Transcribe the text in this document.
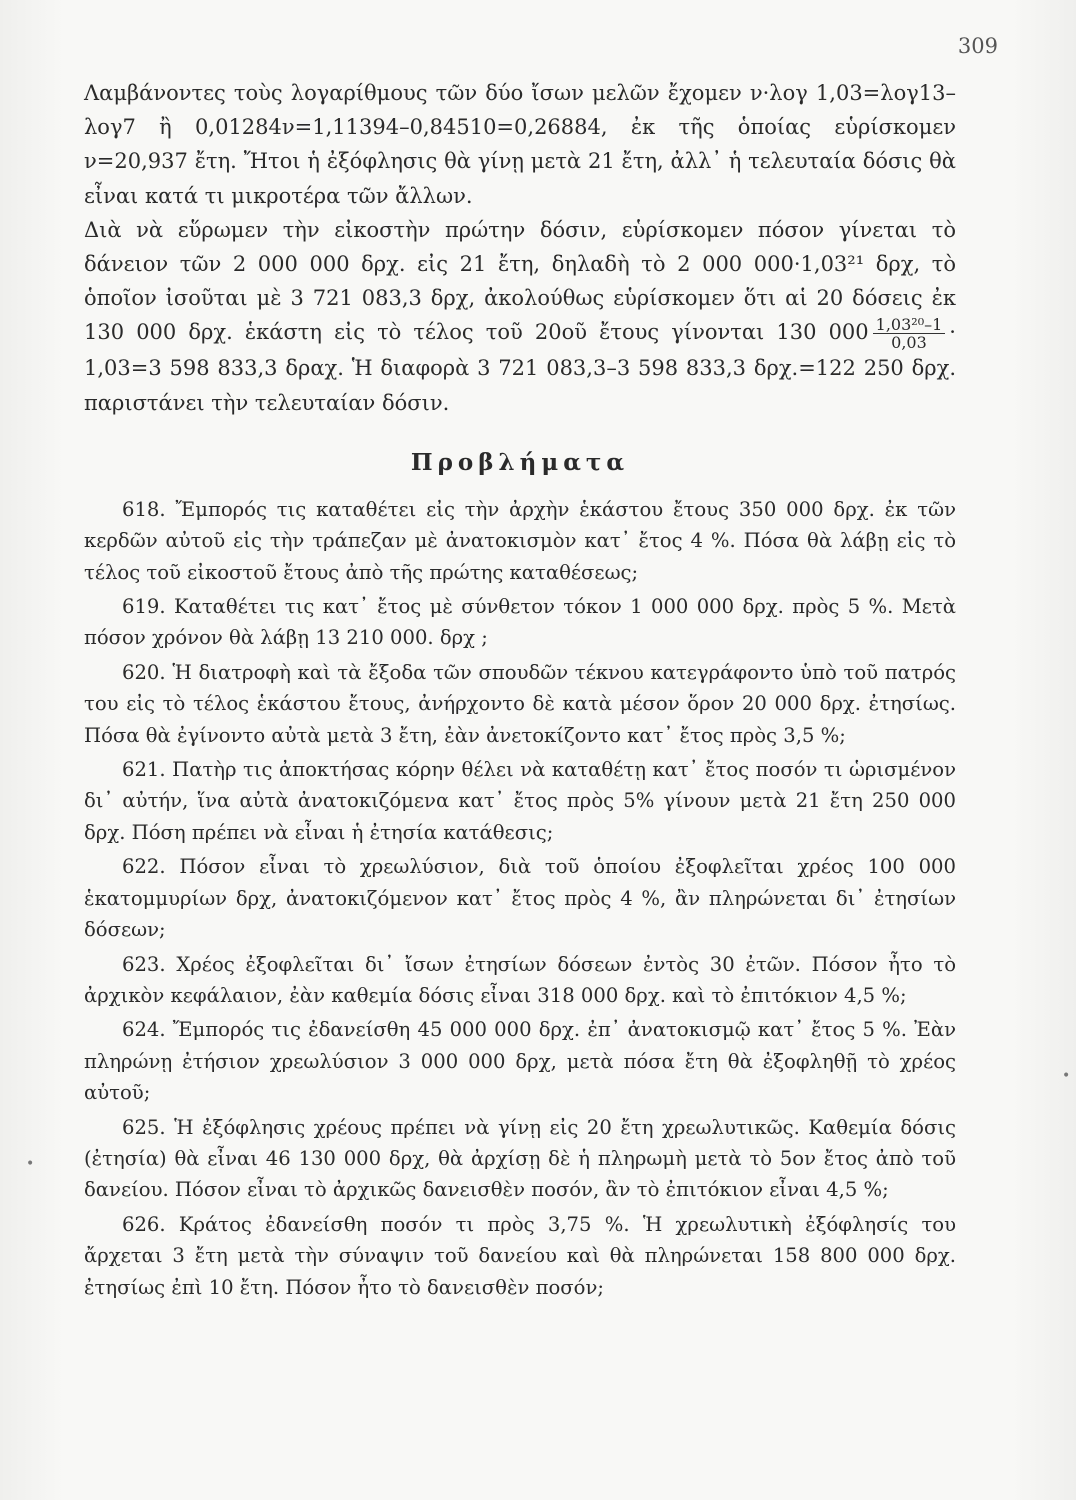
309

Λαμβάνοντες τοὺς λογαρίθμους τῶν δύο ἴσων μελῶν ἔχομεν ν·λογ 1,03=λογ13–λογ7 ἢ 0,01284ν=1,11394–0,84510=0,26884, ἐκ τῆς ὁποίας εὑρίσκομεν ν=20,937 ἔτη. Ἤτοι ἡ ἐξόφλησις θὰ γίνῃ μετὰ 21 ἔτη, ἀλλ᾽ ἡ τελευταία δόσις θὰ εἶναι κατά τι μικροτέρα τῶν ἄλλων.

Διὰ νὰ εὕρωμεν τὴν εἰκοστὴν πρώτην δόσιν, εὑρίσκομεν πόσον γίνεται τὸ δάνειον τῶν 2 000 000 δρχ. εἰς 21 ἔτη, δηλαδὴ τὸ 2 000 000·1,03²¹ δρχ, τὸ ὁποῖον ἰσοῦται μὲ 3 721 083,3 δρχ, ἀκολούθως εὑρίσκομεν ὅτι αἱ 20 δόσεις ἐκ 130 000 δρχ. ἑκάστη εἰς τὸ τέλος τοῦ 20οῦ ἔτους γίνονται 130 $000 \frac{\text{1,03²⁰–1}}{0,03} \cdot 1,03=3$ 598 833,3 δραχ. Ἡ διαφορὰ 3 721 083,3–3 598 833,3 δρχ.=122 250 δρχ. παριστάνει τὴν τελευταίαν δόσιν.

Προβλήματα

618. Ἔμπορός τις καταθέτει εἰς τὴν ἀρχὴν ἑκάστου ἔτους 350 000 δρχ. ἐκ τῶν κερδῶν αὐτοῦ εἰς τὴν τράπεζαν μὲ ἀνατοκισμὸν κατ᾽ ἔτος 4 %. Πόσα θὰ λάβῃ εἰς τὸ τέλος τοῦ εἰκοστοῦ ἔτους ἀπὸ τῆς πρώτης καταθέσεως;

619. Καταθέτει τις κατ᾽ ἔτος μὲ σύνθετον τόκον 1 000 000 δρχ. πρὸς 5 %. Μετὰ πόσον χρόνον θὰ λάβῃ 13 210 000. δρχ ;

620. Ἡ διατροφὴ καὶ τὰ ἔξοδα τῶν σπουδῶν τέκνου κατεγράφοντο ὑπὸ τοῦ πατρός του εἰς τὸ τέλος ἑκάστου ἔτους, ἀνήρχοντο δὲ κατὰ μέσον ὅρον 20 000 δρχ. ἐτησίως. Πόσα θὰ ἐγίνοντο αὐτὰ μετὰ 3 ἔτη, ἐὰν ἀνετοκίζοντο κατ᾽ ἔτος πρὸς 3,5 %;

621. Πατὴρ τις ἀποκτήσας κόρην θέλει νὰ καταθέτῃ κατ᾽ ἔτος ποσόν τι ὡρισμένον δι᾽ αὐτήν, ἵνα αὐτὰ ἀνατοκιζόμενα κατ᾽ ἔτος πρὸς 5% γίνουν μετὰ 21 ἔτη 250 000 δρχ. Πόση πρέπει νὰ εἶναι ἡ ἐτησία κατάθεσις;

622. Πόσον εἶναι τὸ χρεωλύσιον, διὰ τοῦ ὁποίου ἐξοφλεῖται χρέος 100 000 ἑκατομμυρίων δρχ, ἀνατοκιζόμενον κατ᾽ ἔτος πρὸς 4 %, ἂν πληρώνεται δι᾽ ἐτησίων δόσεων;

623. Χρέος ἐξοφλεῖται δι᾽ ἴσων ἐτησίων δόσεων ἐντὸς 30 ἐτῶν. Πόσον ἦτο τὸ ἀρχικὸν κεφάλαιον, ἐὰν καθεμία δόσις εἶναι 318 000 δρχ. καὶ τὸ ἐπιτόκιον 4,5 %;

624. Ἔμπορός τις ἐδανείσθη 45 000 000 δρχ. ἐπ᾽ ἀνατοκισμῷ κατ᾽ ἔτος 5 %. Ἐὰν πληρώνῃ ἐτήσιον χρεωλύσιον 3 000 000 δρχ, μετὰ πόσα ἔτη θὰ ἐξοφληθῇ τὸ χρέος αὐτοῦ;

625. Ἡ ἐξόφλησις χρέους πρέπει νὰ γίνῃ εἰς 20 ἔτη χρεωλυτικῶς. Καθεμία δόσις (ἐτησία) θὰ εἶναι 46 130 000 δρχ, θὰ ἀρχίσῃ δὲ ἡ πληρωμὴ μετὰ τὸ 5ον ἔτος ἀπὸ τοῦ δανείου. Πόσον εἶναι τὸ ἀρχικῶς δανεισθὲν ποσόν, ἂν τὸ ἐπιτόκιον εἶναι 4,5 %;

626. Κράτος ἐδανείσθη ποσόν τι πρὸς 3,75 %. Ἡ χρεωλυτικὴ ἐξόφλησίς του ἄρχεται 3 ἔτη μετὰ τὴν σύναψιν τοῦ δανείου καὶ θὰ πληρώνεται 158 800 000 δρχ. ἐτησίως ἐπὶ 10 ἔτη. Πόσον ἦτο τὸ δανεισθὲν ποσόν;

•
•
